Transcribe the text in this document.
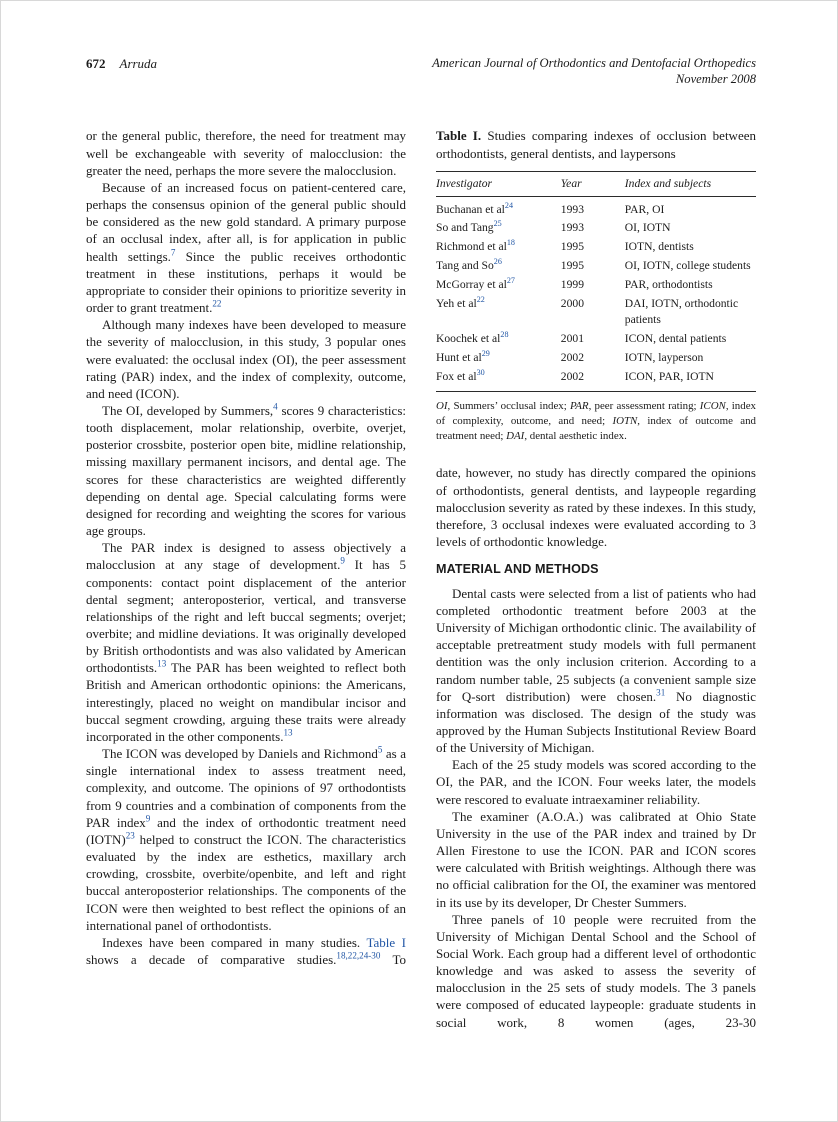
672 Arruda	American Journal of Orthodontics and Dentofacial Orthopedics
November 2008

or the general public, therefore, the need for treatment may well be exchangeable with severity of malocclusion: the greater the need, perhaps the more severe the malocclusion.

Because of an increased focus on patient-centered care, perhaps the consensus opinion of the general public should be considered as the new gold standard. A primary purpose of an occlusal index, after all, is for application in public health settings.$^7$ Since the public receives orthodontic treatment in these institutions, perhaps it would be appropriate to consider their opinions to prioritize severity in order to grant treatment.$^{22}$

Although many indexes have been developed to measure the severity of malocclusion, in this study, 3 popular ones were evaluated: the occlusal index (OI), the peer assessment rating (PAR) index, and the index of complexity, outcome, and need (ICON).

The OI, developed by Summers,$^4$ scores 9 characteristics: tooth displacement, molar relationship, overbite, overjet, posterior crossbite, posterior open bite, midline relationship, missing maxillary permanent incisors, and dental age. The scores for these characteristics are weighted differently depending on dental age. Special calculating forms were designed for recording and weighting the scores for various age groups.

The PAR index is designed to assess objectively a malocclusion at any stage of development.$^9$ It has 5 components: contact point displacement of the anterior dental segment; anteroposterior, vertical, and transverse relationships of the right and left buccal segments; overjet; overbite; and midline deviations. It was originally developed by British orthodontists and was also validated by American orthodontists.$^{13}$ The PAR has been weighted to reflect both British and American orthodontic opinions: the Americans, interestingly, placed no weight on mandibular incisor and buccal segment crowding, arguing these traits were already incorporated in the other components.$^{13}$

The ICON was developed by Daniels and Richmond$^5$ as a single international index to assess treatment need, complexity, and outcome. The opinions of 97 orthodontists from 9 countries and a combination of components from the PAR index$^9$ and the index of orthodontic treatment need (IOTN)$^{23}$ helped to construct the ICON. The characteristics evaluated by the index are esthetics, maxillary arch crowding, crossbite, overbite/openbite, and left and right buccal anteroposterior relationships. The components of the ICON were then weighted to best reflect the opinions of an international panel of orthodontists.

Indexes have been compared in many studies. Table I shows a decade of comparative studies.$^{18,22,24-30}$ To

Table I. Studies comparing indexes of occlusion between orthodontists, general dentists, and laypersons
Investigator	Year	Index and subjects
Buchanan et al$^{24}$	1993	PAR, OI
So and Tang$^{25}$	1993	OI, IOTN
Richmond et al$^{18}$	1995	IOTN, dentists
Tang and So$^{26}$	1995	OI, IOTN, college students
McGorray et al$^{27}$	1999	PAR, orthodontists
Yeh et al$^{22}$	2000	DAI, IOTN, orthodontic patients
Koochek et al$^{28}$	2001	ICON, dental patients
Hunt et al$^{29}$	2002	IOTN, layperson
Fox et al$^{30}$	2002	ICON, PAR, IOTN
OI, Summers’ occlusal index; PAR, peer assessment rating; ICON, index of complexity, outcome, and need; IOTN, index of outcome and treatment need; DAI, dental aesthetic index.

date, however, no study has directly compared the opinions of orthodontists, general dentists, and laypeople regarding malocclusion severity as rated by these indexes. In this study, therefore, 3 occlusal indexes were evaluated according to 3 levels of orthodontic knowledge.

MATERIAL AND METHODS

Dental casts were selected from a list of patients who had completed orthodontic treatment before 2003 at the University of Michigan orthodontic clinic. The availability of acceptable pretreatment study models with full permanent dentition was the only inclusion criterion. According to a random number table, 25 subjects (a convenient sample size for Q-sort distribution) were chosen.$^{31}$ No diagnostic information was disclosed. The design of the study was approved by the Human Subjects Institutional Review Board of the University of Michigan.

Each of the 25 study models was scored according to the OI, the PAR, and the ICON. Four weeks later, the models were rescored to evaluate intraexaminer reliability.

The examiner (A.O.A.) was calibrated at Ohio State University in the use of the PAR index and trained by Dr Allen Firestone to use the ICON. PAR and ICON scores were calculated with British weightings. Although there was no official calibration for the OI, the examiner was mentored in its use by its developer, Dr Chester Summers.

Three panels of 10 people were recruited from the University of Michigan Dental School and the School of Social Work. Each group had a different level of orthodontic knowledge and was asked to assess the severity of malocclusion in the 25 sets of study models. The 3 panels were composed of educated laypeople: graduate students in social work, 8 women (ages, 23-30
